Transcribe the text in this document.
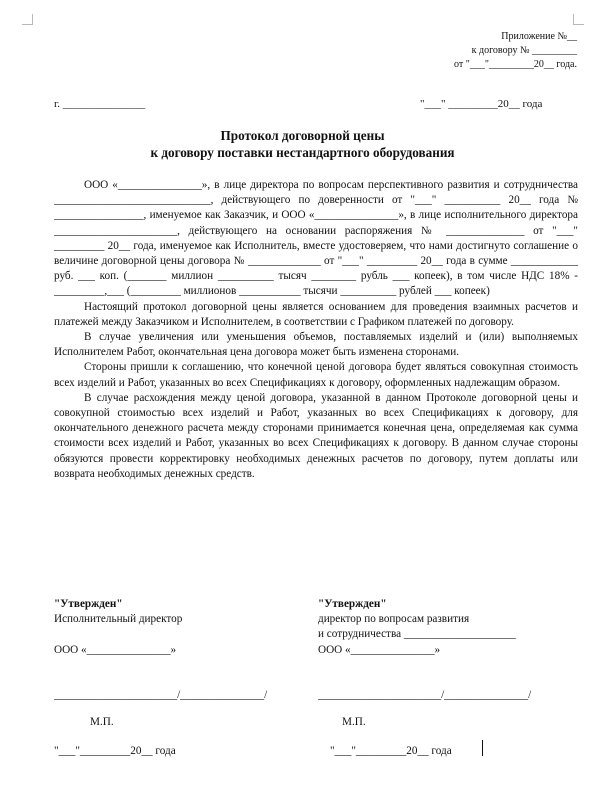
Приложение №__
к договору № _________
от "___"_________20__ года.
г. _______________	"___" _________20__ года
Протокол договорной цены
к договору поставки нестандартного оборудования

ООО «_______________», в лице директора по вопросам перспективного развития и сотрудничества ____________________________, действующего по доверенности от "___" __________ 20__ года № ________________, именуемое как Заказчик, и ООО «_______________», в лице исполнительного директора ______________________, действующего на основании распоряжения № ______________ от "___" _________ 20__ года, именуемое как Исполнитель, вместе удостоверяем, что нами достигнуто соглашение о величине договорной цены договора № _____________ от "___" _________ 20__ года в сумме ____________ руб. ___ коп. (_______ миллион __________ тысяч ________ рубль ___ копеек), в том числе НДС 18% - _________,___ (_________ миллионов ___________ тысячи __________ рублей ___ копеек)

Настоящий протокол договорной цены является основанием для проведения взаимных расчетов и платежей между Заказчиком и Исполнителем, в соответствии с Графиком платежей по договору.

В случае увеличения или уменьшения объемов, поставляемых изделий и (или) выполняемых Исполнителем Работ, окончательная цена договора может быть изменена сторонами.

Стороны пришли к соглашению, что конечной ценой договора будет являться совокупная стоимость всех изделий и Работ, указанных во всех Спецификациях к договору, оформленных надлежащим образом.

В случае расхождения между ценой договора, указанной в данном Протоколе договорной цены и совокупной стоимостью всех изделий и Работ, указанных во всех Спецификациях к договору, для окончательного денежного расчета между сторонами принимается конечная цена, определяемая как сумма стоимости всех изделий и Работ, указанных во всех Спецификациях к договору. В данном случае стороны обязуются провести корректировку необходимых денежных расчетов по договору, путем доплаты или возврата необходимых денежных средств.

"Утвержден"
Исполнительный директор
ООО «_______________»
______________________/_______________/
М.П.
"___"_________20__ года
"Утвержден"
директор по вопросам развития
и сотрудничества ____________________
ООО «_______________»
______________________/_______________/
М.П.
"___"_________20__ года
